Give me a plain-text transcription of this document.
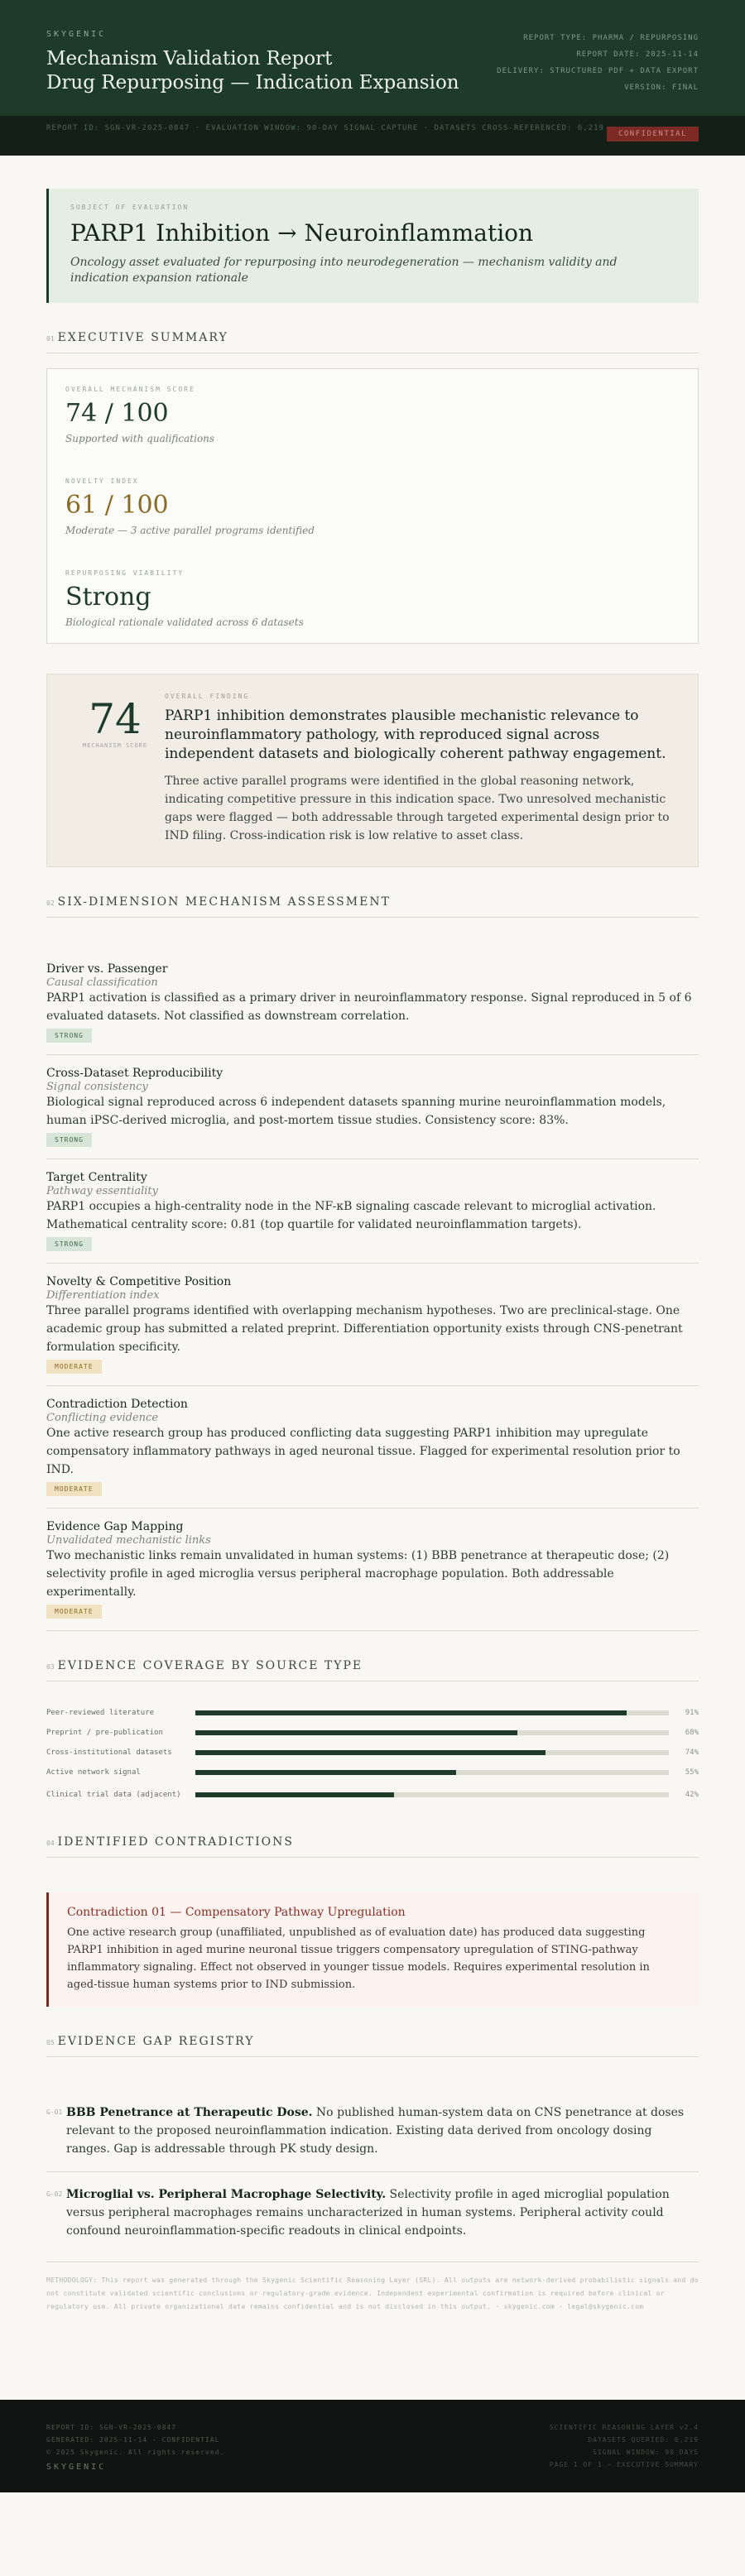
SKYGENIC
Mechanism Validation Report
Drug Repurposing — Indication Expansion
REPORT TYPE: PHARMA / REPURPOSING
REPORT DATE: 2025-11-14
DELIVERY: STRUCTURED PDF + DATA EXPORT
VERSION: FINAL
REPORT ID: SGN-VR-2025-0847 · EVALUATION WINDOW: 90-DAY SIGNAL CAPTURE · DATASETS CROSS-REFERENCED: 6,219
CONFIDENTIAL
SUBJECT OF EVALUATION
PARP1 Inhibition → Neuroinflammation
Oncology asset evaluated for repurposing into neurodegeneration — mechanism validity and indication expansion rationale
01 EXECUTIVE SUMMARY
OVERALL MECHANISM SCORE
74 / 100
Supported with qualifications
NOVELTY INDEX
61 / 100
Moderate — 3 active parallel programs identified
REPURPOSING VIABILITY
Strong
Biological rationale validated across 6 datasets
74
MECHANISM SCORE
OVERALL FINDING
PARP1 inhibition demonstrates plausible mechanistic relevance to neuroinflammatory pathology, with reproduced signal across independent datasets and biologically coherent pathway engagement.
Three active parallel programs were identified in the global reasoning network, indicating competitive pressure in this indication space. Two unresolved mechanistic gaps were flagged — both addressable through targeted experimental design prior to IND filing. Cross-indication risk is low relative to asset class.
02 SIX-DIMENSION MECHANISM ASSESSMENT
Driver vs. Passenger
Causal classification
PARP1 activation is classified as a primary driver in neuroinflammatory response. Signal reproduced in 5 of 6 evaluated datasets. Not classified as downstream correlation.
STRONG
Cross-Dataset Reproducibility
Signal consistency
Biological signal reproduced across 6 independent datasets spanning murine neuroinflammation models, human iPSC-derived microglia, and post-mortem tissue studies. Consistency score: 83%.
STRONG
Target Centrality
Pathway essentiality
PARP1 occupies a high-centrality node in the NF-κB signaling cascade relevant to microglial activation. Mathematical centrality score: 0.81 (top quartile for validated neuroinflammation targets).
STRONG
Novelty & Competitive Position
Differentiation index
Three parallel programs identified with overlapping mechanism hypotheses. Two are preclinical-stage. One academic group has submitted a related preprint. Differentiation opportunity exists through CNS-penetrant formulation specificity.
MODERATE
Contradiction Detection
Conflicting evidence
One active research group has produced conflicting data suggesting PARP1 inhibition may upregulate compensatory inflammatory pathways in aged neuronal tissue. Flagged for experimental resolution prior to IND.
MODERATE
Evidence Gap Mapping
Unvalidated mechanistic links
Two mechanistic links remain unvalidated in human systems: (1) BBB penetrance at therapeutic dose; (2) selectivity profile in aged microglia versus peripheral macrophage population. Both addressable experimentally.
MODERATE
03 EVIDENCE COVERAGE BY SOURCE TYPE
Peer-reviewed literature	91%
Preprint / pre-publication	68%
Cross-institutional datasets	74%
Active network signal	55%
Clinical trial data (adjacent)	42%
04 IDENTIFIED CONTRADICTIONS
Contradiction 01 — Compensatory Pathway Upregulation
One active research group (unaffiliated, unpublished as of evaluation date) has produced data suggesting PARP1 inhibition in aged murine neuronal tissue triggers compensatory upregulation of STING-pathway inflammatory signaling. Effect not observed in younger tissue models. Requires experimental resolution in aged-tissue human systems prior to IND submission.
05 EVIDENCE GAP REGISTRY
G-01 BBB Penetrance at Therapeutic Dose. No published human-system data on CNS penetrance at doses relevant to the proposed neuroinflammation indication. Existing data derived from oncology dosing ranges. Gap is addressable through PK study design.
G-02 Microglial vs. Peripheral Macrophage Selectivity. Selectivity profile in aged microglial population versus peripheral macrophages remains uncharacterized in human systems. Peripheral activity could confound neuroinflammation-specific readouts in clinical endpoints.
METHODOLOGY: This report was generated through the Skygenic Scientific Reasoning Layer (SRL). All outputs are network-derived probabilistic signals and do not constitute validated scientific conclusions or regulatory-grade evidence. Independent experimental confirmation is required before clinical or regulatory use. All private organizational data remains confidential and is not disclosed in this output. · skygenic.com · legal@skygenic.com
REPORT ID: SGN-VR-2025-0847
GENERATED: 2025-11-14 · CONFIDENTIAL
© 2025 Skygenic. All rights reserved.
SKYGENIC
SCIENTIFIC REASONING LAYER v2.4
DATASETS QUERIED: 6,219
SIGNAL WINDOW: 90 DAYS
PAGE 1 OF 1 — EXECUTIVE SUMMARY
